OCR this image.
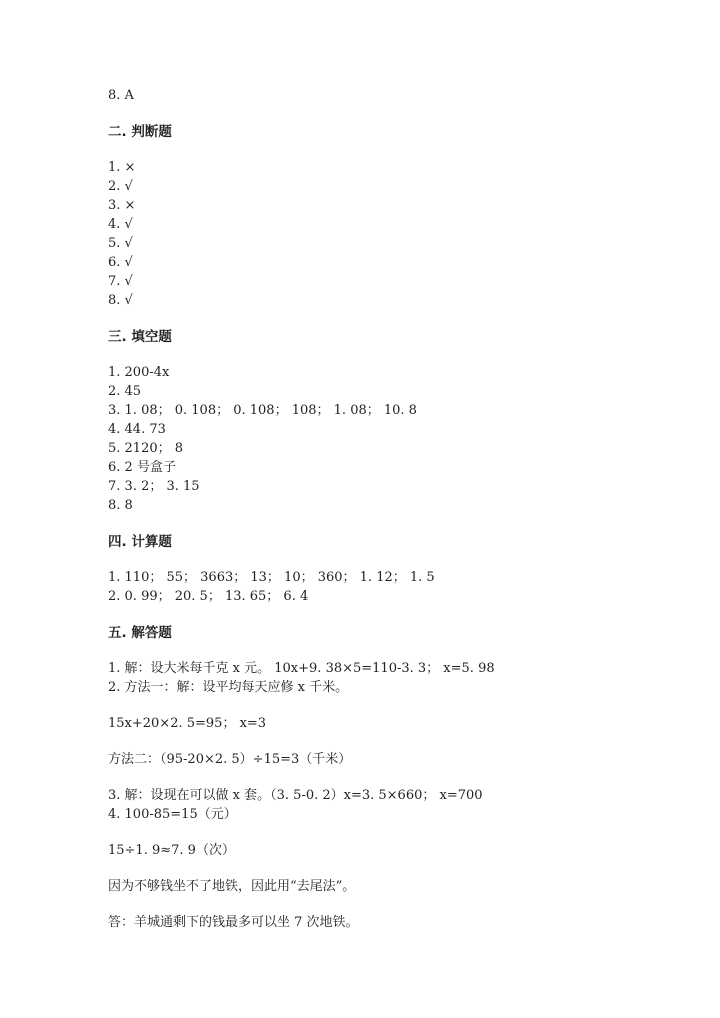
8. A
二. 判断题
1. ×
2. √
3. ×
4. √
5. √
6. √
7. √
8. √
三. 填空题
1. 200-4x
2. 45
3. 1. 08； 0. 108； 0. 108； 108； 1. 08； 10. 8
4. 44. 73
5. 2120； 8
6. 2 号盒子
7. 3. 2； 3. 15
8. 8
四. 计算题
1. 110； 55； 3663； 13； 10； 360； 1. 12； 1. 5
2. 0. 99； 20. 5； 13. 65； 6. 4
五. 解答题
1. 解：设大米每千克 x 元。 10x+9. 38×5=110-3. 3； x=5. 98
2. 方法一：解：设平均每天应修 x 千米。
15x+20×2. 5=95； x=3
方法二：（95-20×2. 5）÷15=3（千米）
3. 解：设现在可以做 x 套。（3. 5-0. 2）x=3. 5×660； x=700
4. 100-85=15（元）
15÷1. 9≈7. 9（次）
因为不够钱坐不了地铁，因此用“去尾法”。
答：羊城通剩下的钱最多可以坐 7 次地铁。
